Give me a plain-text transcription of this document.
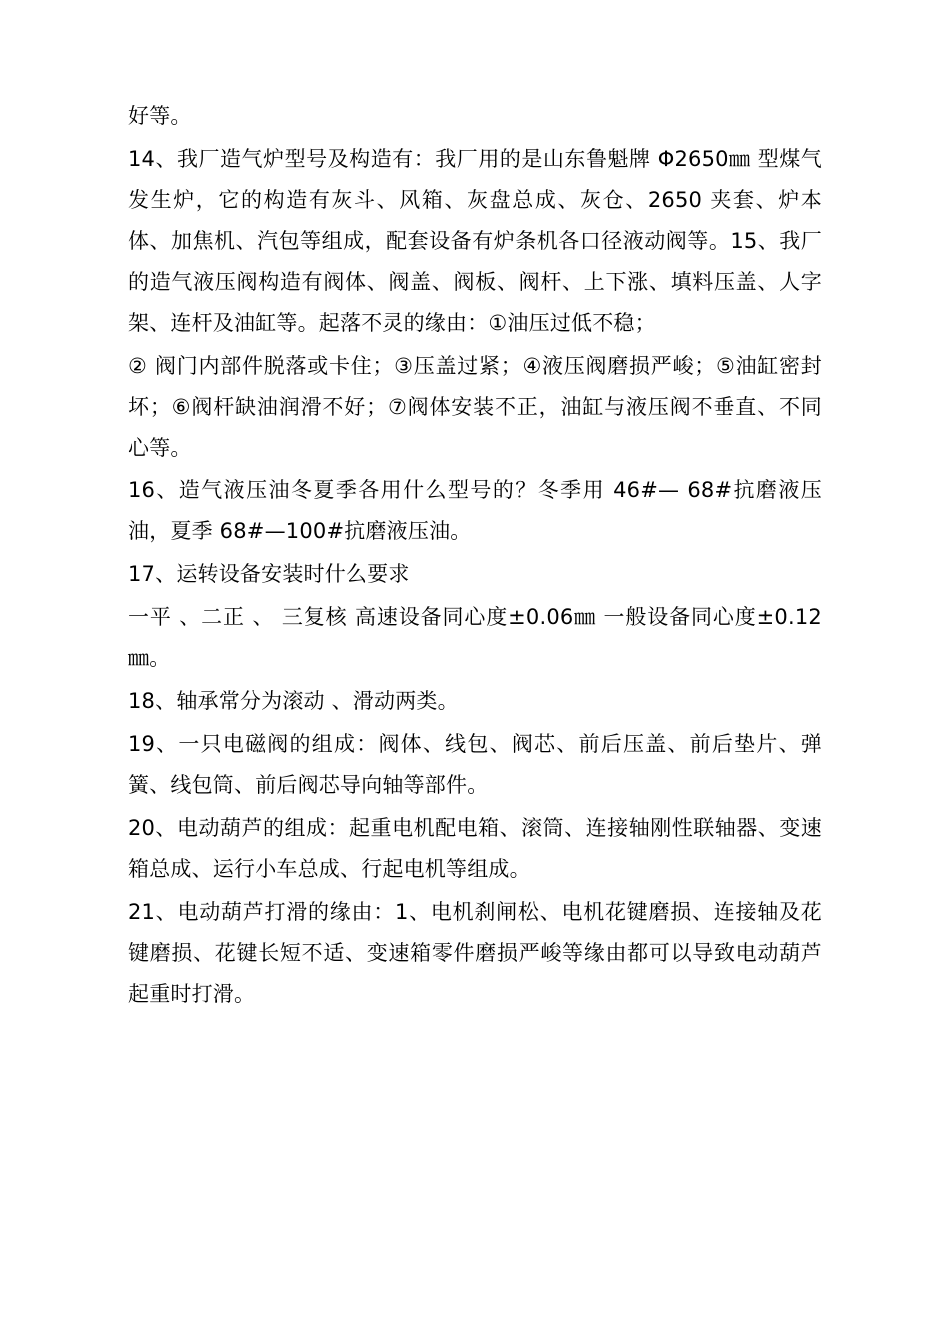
好等。

14、我厂造气炉型号及构造有：我厂用的是山东鲁魁牌 Φ2650㎜ 型煤气发生炉，它的构造有灰斗、风箱、灰盘总成、灰仓、2650 夹套、炉本体、加焦机、汽包等组成，配套设备有炉条机各口径液动阀等。15、我厂的造气液压阀构造有阀体、阀盖、阀板、阀杆、上下涨、填料压盖、人字架、连杆及油缸等。起落不灵的缘由：①油压过低不稳；

② 阀门内部件脱落或卡住；③压盖过紧；④液压阀磨损严峻；⑤油缸密封坏；⑥阀杆缺油润滑不好；⑦阀体安装不正，油缸与液压阀不垂直、不同心等。

16、造气液压油冬夏季各用什么型号的？冬季用 46#— 68#抗磨液压油，夏季 68#—100#抗磨液压油。

17、运转设备安装时什么要求

一平 、二正 、 三复核 高速设备同心度±0.06㎜ 一般设备同心度±0.12㎜。

18、轴承常分为滚动 、滑动两类。

19、一只电磁阀的组成：阀体、线包、阀芯、前后压盖、前后垫片、弹簧、线包筒、前后阀芯导向轴等部件。

20、电动葫芦的组成：起重电机配电箱、滚筒、连接轴刚性联轴器、变速箱总成、运行小车总成、行起电机等组成。

21、电动葫芦打滑的缘由：1、电机刹闸松、电机花键磨损、连接轴及花键磨损、花键长短不适、变速箱零件磨损严峻等缘由都可以导致电动葫芦起重时打滑。
